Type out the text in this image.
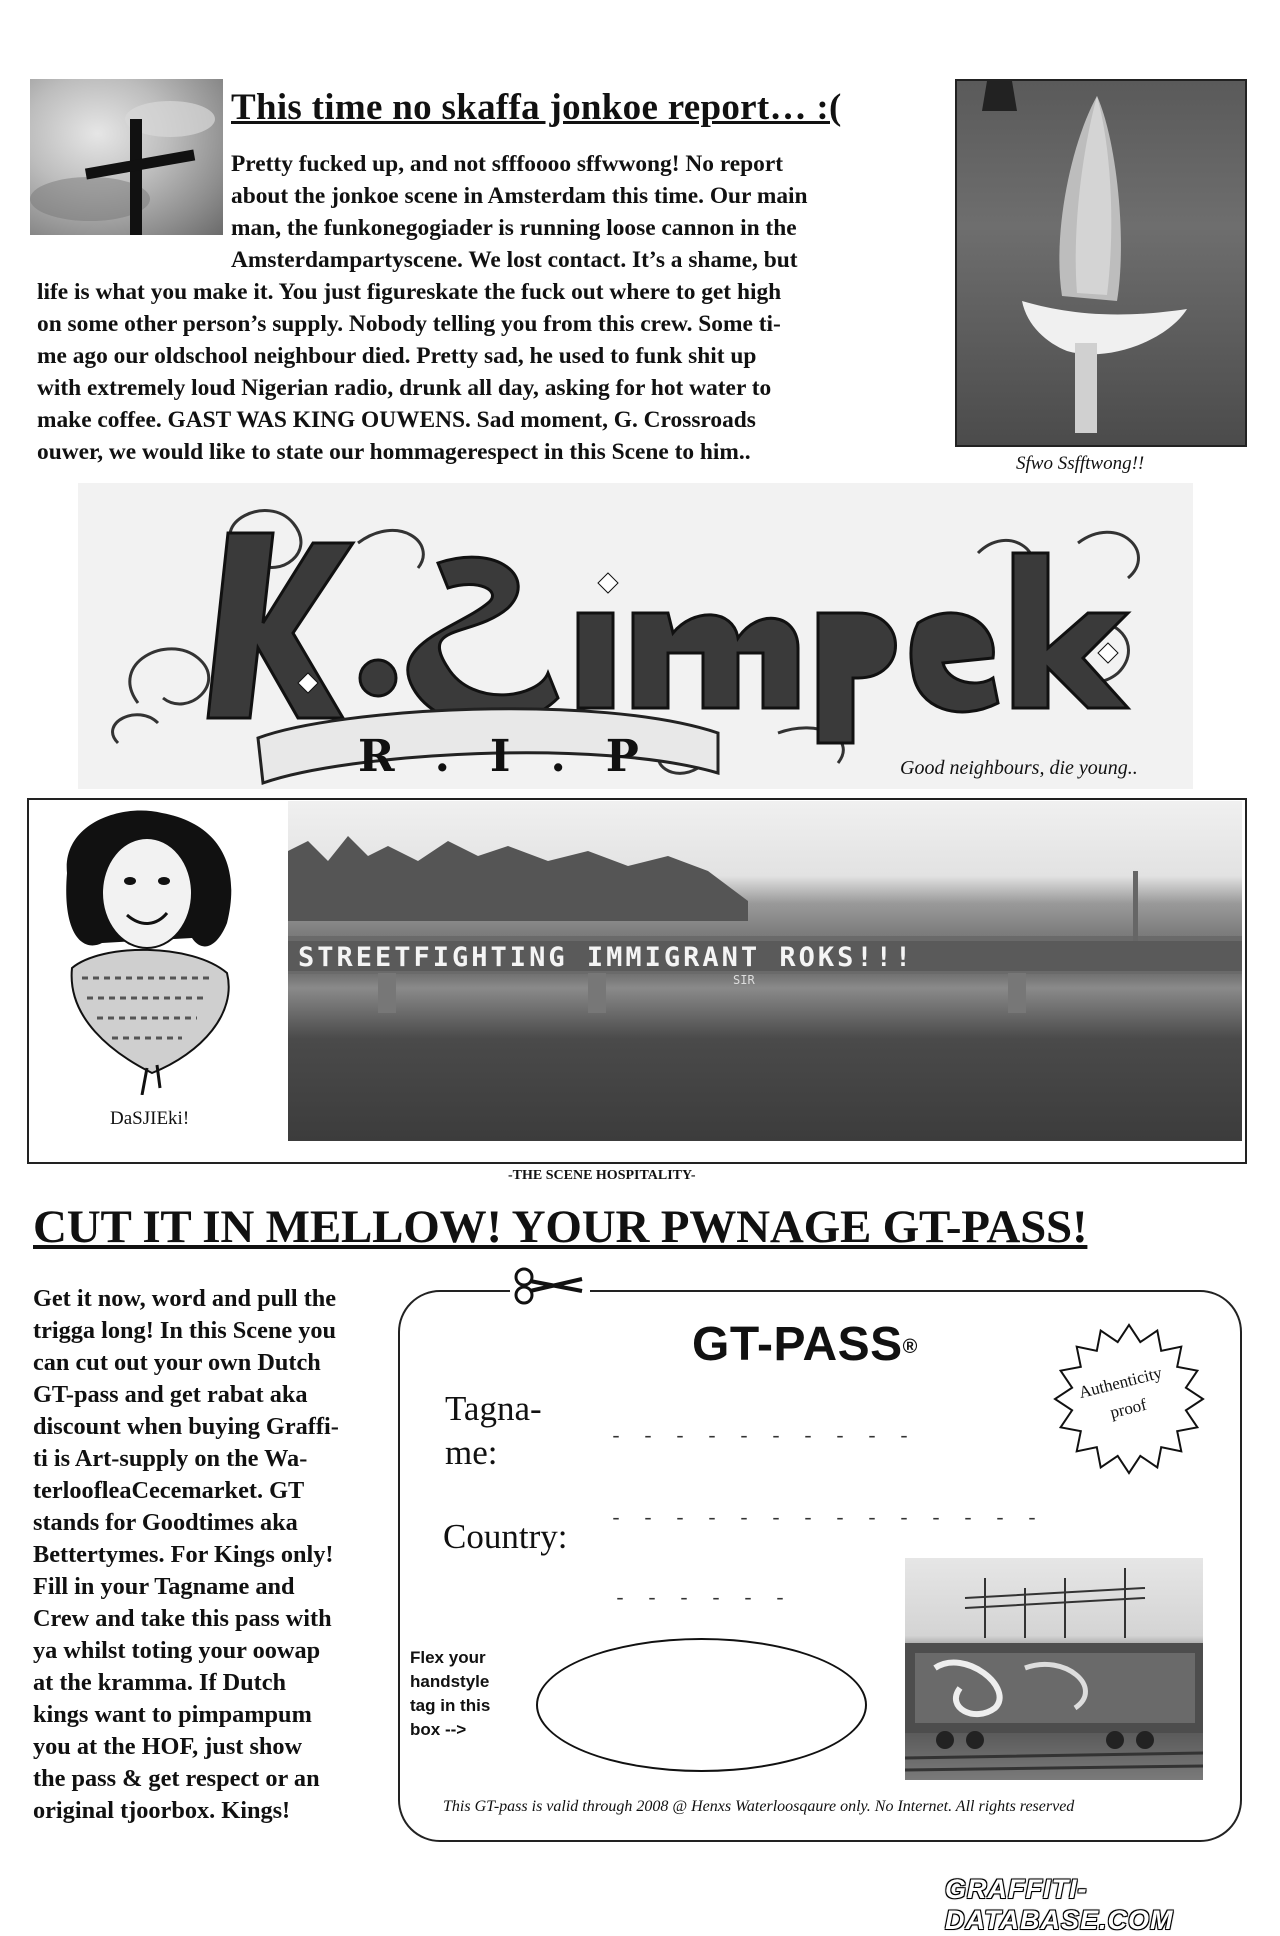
This time no skaffa jonkoe report… :(

Pretty fucked up, and not sfffoooo sffwwong! No report

about the jonkoe scene in Amsterdam this time. Our main

man, the funkonegogiader is running loose cannon in the

Amsterdampartyscene. We lost contact. It’s a shame, but

life is what you make it. You just figureskate the fuck out where to get high

on some other person’s supply. Nobody telling you from this crew. Some ti-

me ago our oldschool neighbour died. Pretty sad, he used to funk shit up

with extremely loud Nigerian radio, drunk all day, asking for hot water to

make coffee. GAST WAS KING OUWENS. Sad moment, G. Crossroads

ouwer, we would like to state our hommagerespect in this Scene to him..	Sfwo Ssfftwong!!
R.I.P	Good neighbours, die young..
DaSJIEki!
STREETFIGHTING IMMIGRANT ROKS!!!
SIR
-THE SCENE HOSPITALITY-
CUT IT IN MELLOW! YOUR PWNAGE GT-PASS!
Get it now, word and pull the
trigga long! In this Scene you
can cut out your own Dutch
GT-pass and get rabat aka
discount when buying Graffi-
ti is Art-supply on the Wa-
terloofleaCecemarket. GT
stands for Goodtimes aka
Bettertymes. For Kings only!
Fill in your Tagname and
Crew and take this pass with
ya whilst toting your oowap
at the kramma. If Dutch
kings want to pimpampum
you at the HOF, just show
the pass & get respect or an
original tjoorbox. Kings!
GT-PASS®
Authenticity
proof
Tagna-
me:	- - - - - - - - - -
Country: - - - - - - - - - - - - - -
- - - - - -
Flex your
handstyle
tag in this
box -->
This GT-pass is valid through 2008 @ Henxs Waterloosqaure only. No Internet. All rights reserved
GRAFFITI-DATABASE.COM
